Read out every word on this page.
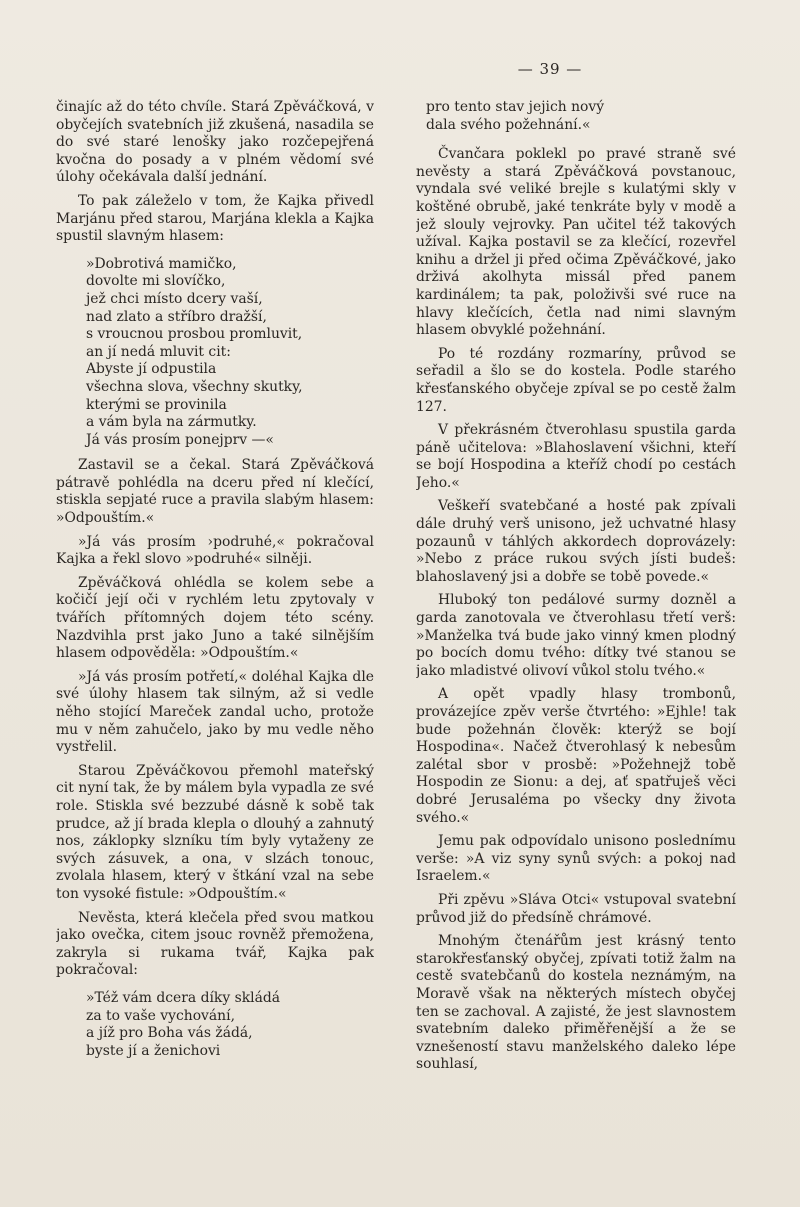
— 39 —

činajíc až do této chvíle. Stará Zpěváčková, v obyčejích svatebních již zkušená, nasadila se do své staré lenošky jako rozčepejřená kvočna do posady a v plném vědomí své úlohy očekávala další jednání.

To pak záleželo v tom, že Kajka přivedl Marjánu před starou, Marjána klekla a Kajka spustil slavným hlasem:

»Dobrotivá mamičko,
dovolte mi slovíčko,
jež chci místo dcery vaší,
nad zlato a stříbro dražší,
s vroucnou prosbou promluvit,
an jí nedá mluvit cit:
Abyste jí odpustila
všechna slova, všechny skutky,
kterými se provinila
a vám byla na zármutky.
Já vás prosím ponejprv —«

Zastavil se a čekal. Stará Zpěváčková pátravě pohlédla na dceru před ní klečící, stiskla sepjaté ruce a pravila slabým hlasem: »Odpouštím.«

»Já vás prosím ›podruhé,« pokračoval Kajka a řekl slovo »podruhé« silněji.

Zpěváčková ohlédla se kolem sebe a kočičí její oči v rychlém letu zpytovaly v tvářích přítomných dojem této scény. Nazdvihla prst jako Juno a také silnějším hlasem odpověděla: »Odpouštím.«

»Já vás prosím potřetí,« doléhal Kajka dle své úlohy hlasem tak silným, až si vedle něho stojící Mareček zandal ucho, protože mu v něm zahučelo, jako by mu vedle něho vystřelil.

Starou Zpěváčkovou přemohl mateřský cit nyní tak, že by málem byla vypadla ze své role. Stiskla své bezzubé dásně k sobě tak prudce, až jí brada klepla o dlouhý a zahnutý nos, záklopky slzníku tím byly vytaženy ze svých zásuvek, a ona, v slzách tonouc, zvolala hlasem, který v štkání vzal na sebe ton vysoké fistule: »Odpouštím.«

Nevěsta, která klečela před svou matkou jako ovečka, citem jsouc rovněž přemožena, zakryla si rukama tvář, Kajka pak pokračoval:

»Též vám dcera díky skládá
za to vaše vychování,
a jíž pro Boha vás žádá,
byste jí a ženichovi
pro tento stav jejich nový
dala svého požehnání.«

Čvančara poklekl po pravé straně své nevěsty a stará Zpěváčková povstanouc, vyndala své veliké brejle s kulatými skly v koštěné obrubě, jaké tenkráte byly v modě a jež slouly vejrovky. Pan učitel též takových užíval. Kajka postavil se za klečící, rozevřel knihu a držel ji před očima Zpěváčkové, jako drživá akolhyta missál před panem kardinálem; ta pak, položivši své ruce na hlavy klečících, četla nad nimi slavným hlasem obvyklé požehnání.

Po té rozdány rozmaríny, průvod se seřadil a šlo se do kostela. Podle starého křesťanského obyčeje zpíval se po cestě žalm 127.

V překrásném čtverohlasu spustila garda páně učitelova: »Blahoslavení všichni, kteří se bojí Hospodina a kteříž chodí po cestách Jeho.«

Veškeří svatebčané a hosté pak zpívali dále druhý verš unisono, jež uchvatné hlasy pozaunů v táhlých akkordech doprovázely: »Nebo z práce rukou svých jísti budeš: blahoslavený jsi a dobře se tobě povede.«

Hluboký ton pedálové surmy dozněl a garda zanotovala ve čtverohlasu třetí verš: »Manželka tvá bude jako vinný kmen plodný po bocích domu tvého: dítky tvé stanou se jako mladistvé olivoví vůkol stolu tvého.«

A opět vpadly hlasy trombonů, provázejíce zpěv verše čtvrtého: »Ejhle! tak bude požehnán člověk: kterýž se bojí Hospodina«. Načež čtverohlasý k nebesům zalétal sbor v prosbě: »Požehnejž tobě Hospodin ze Sionu: a dej, ať spatřuješ věci dobré Jerusaléma po všecky dny života svého.«

Jemu pak odpovídalo unisono poslednímu verše: »A viz syny synů svých: a pokoj nad Israelem.«

Při zpěvu »Sláva Otci« vstupoval svatební průvod již do předsíně chrámové.

Mnohým čtenářům jest krásný tento starokřesťanský obyčej, zpívati totiž žalm na cestě svatebčanů do kostela neznámým, na Moravě však na některých místech obyčej ten se zachoval. A zajisté, že jest slavnostem svatebním daleko přiměřenější a že se vznešeností stavu manželského daleko lépe souhlasí,
